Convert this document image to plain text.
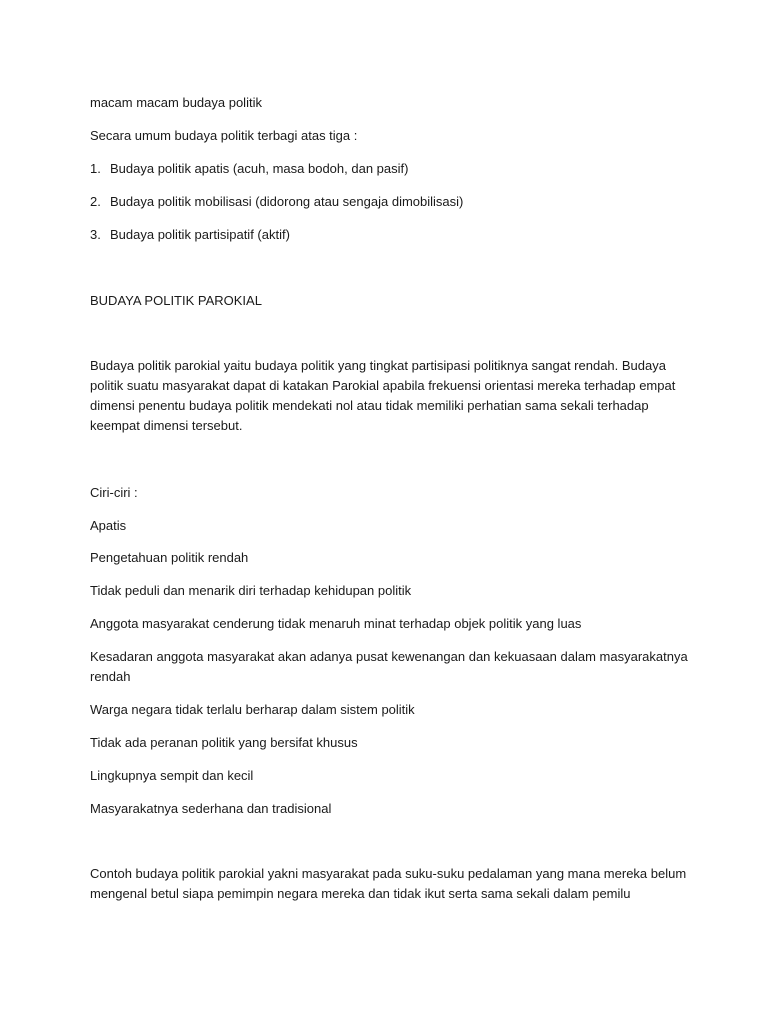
macam macam budaya politik
Secara umum budaya politik terbagi atas tiga :
1. Budaya politik apatis (acuh, masa bodoh, dan pasif)
2. Budaya politik mobilisasi (didorong atau sengaja dimobilisasi)
3. Budaya politik partisipatif (aktif)
BUDAYA POLITIK PAROKIAL
Budaya politik parokial yaitu budaya politik yang tingkat partisipasi politiknya sangat rendah. Budaya
politik suatu masyarakat dapat di katakan Parokial apabila frekuensi orientasi mereka terhadap empat
dimensi penentu budaya politik mendekati nol atau tidak memiliki perhatian sama sekali terhadap
keempat dimensi tersebut.
Ciri-ciri :
Apatis
Pengetahuan politik rendah
Tidak peduli dan menarik diri terhadap kehidupan politik
Anggota masyarakat cenderung tidak menaruh minat terhadap objek politik yang luas
Kesadaran anggota masyarakat akan adanya pusat kewenangan dan kekuasaan dalam masyarakatnya
rendah
Warga negara tidak terlalu berharap dalam sistem politik
Tidak ada peranan politik yang bersifat khusus
Lingkupnya sempit dan kecil
Masyarakatnya sederhana dan tradisional
Contoh budaya politik parokial yakni masyarakat pada suku-suku pedalaman yang mana mereka belum
mengenal betul siapa pemimpin negara mereka dan tidak ikut serta sama sekali dalam pemilu
